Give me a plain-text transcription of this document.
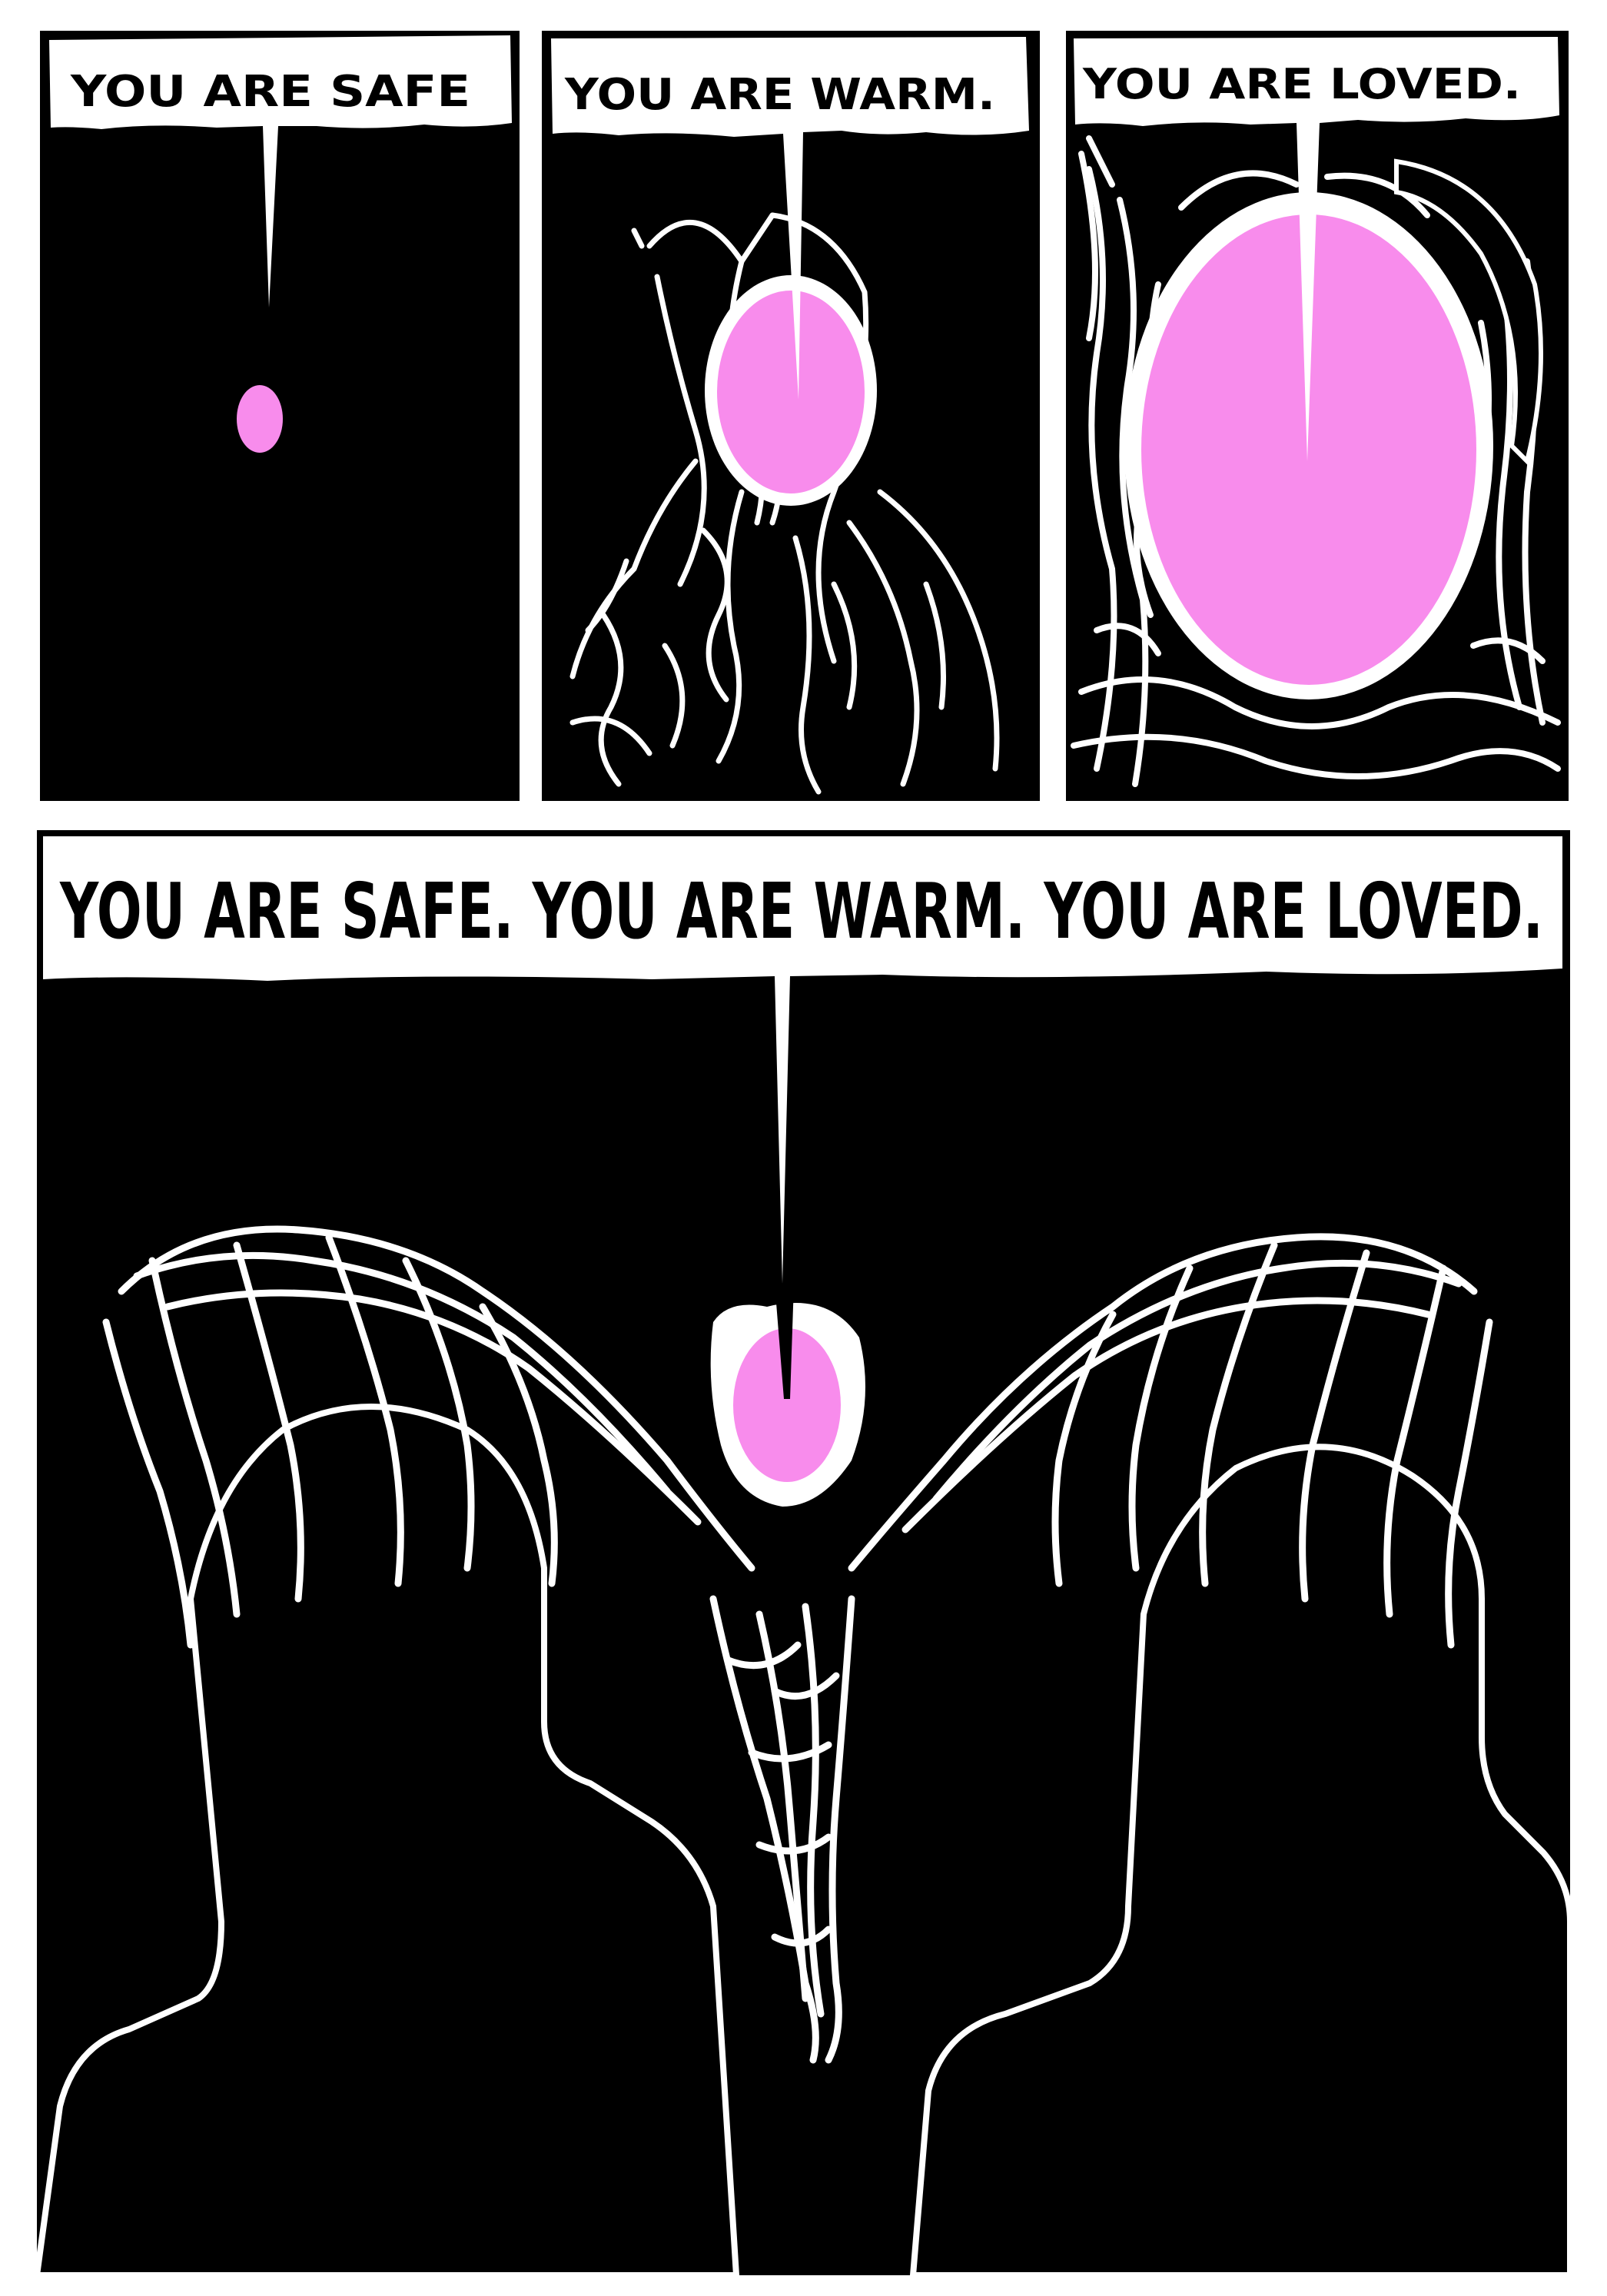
YOU ARE SAFE YOU ARE WARM. YOU ARE LOVED.
YOU ARE SAFE. YOU ARE WARM. YOU ARE LOVED.
